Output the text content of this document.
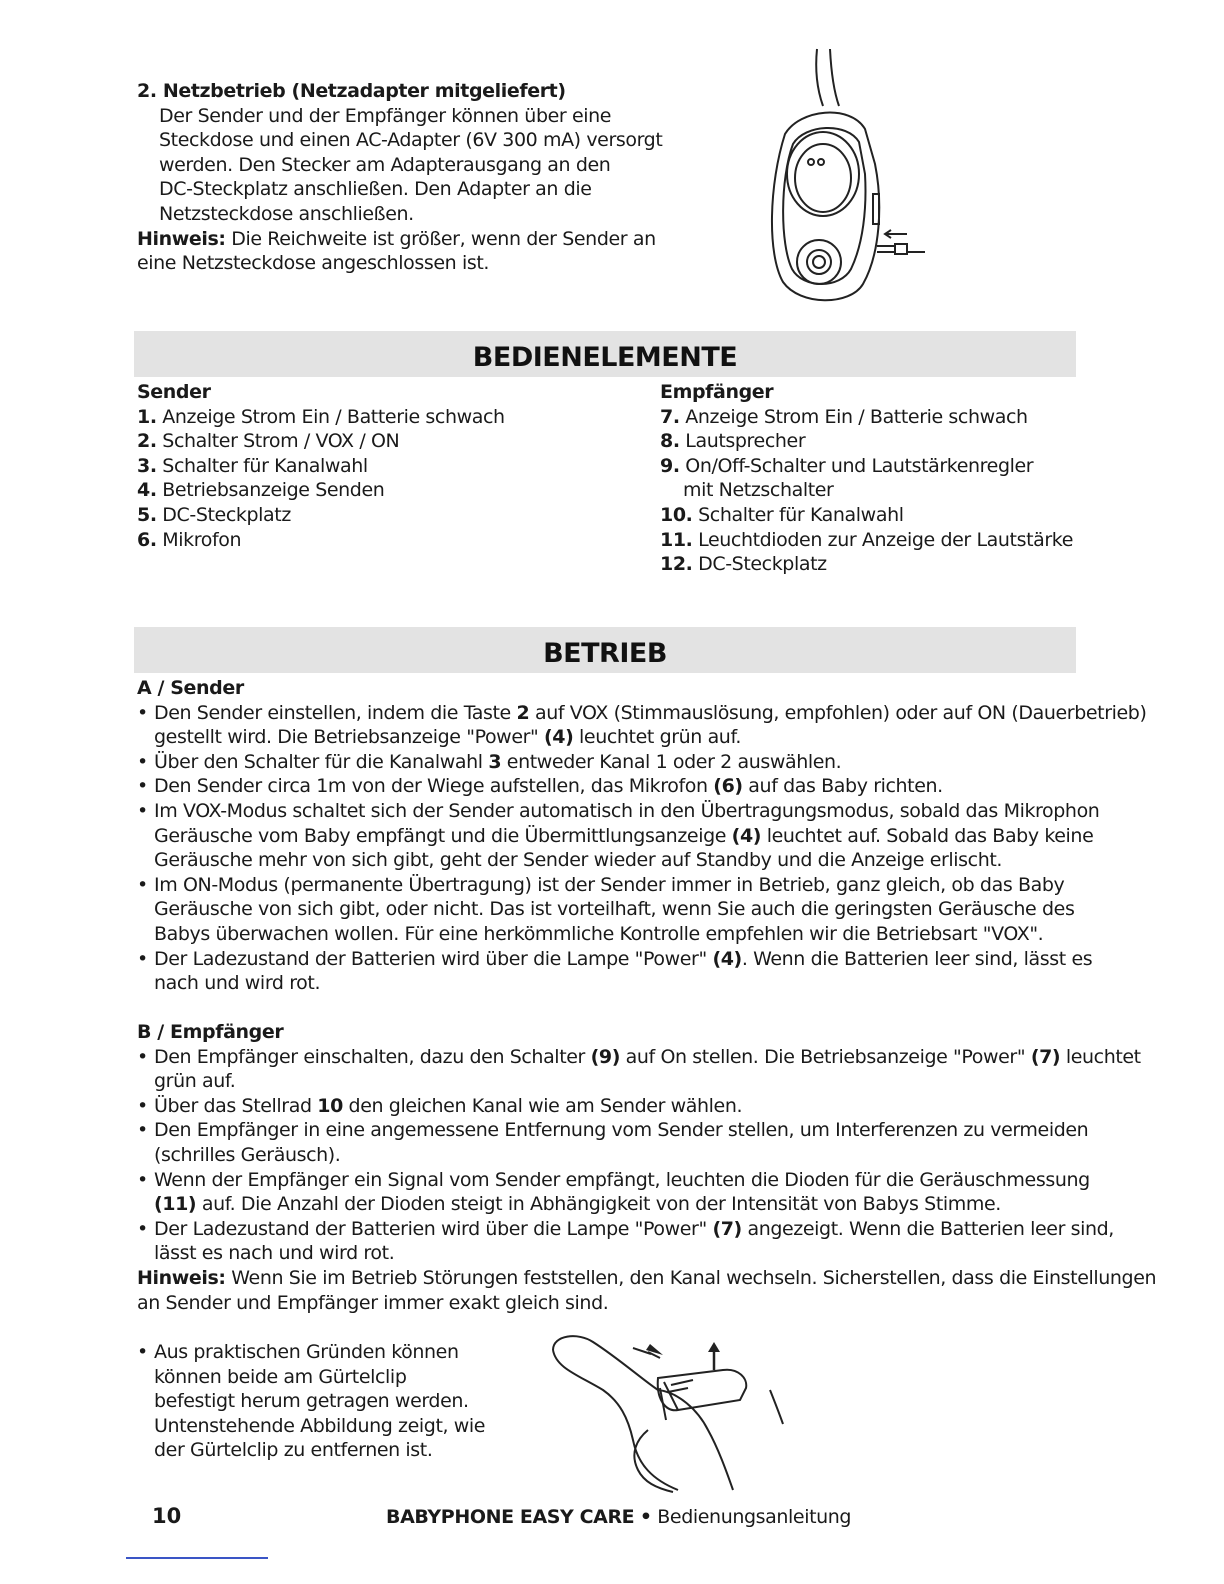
2. Netzbetrieb (Netzadapter mitgeliefert)
Der Sender und der Empfänger können über eine
Steckdose und einen AC-Adapter (6V 300 mA) versorgt
werden. Den Stecker am Adapterausgang an den
DC-Steckplatz anschließen. Den Adapter an die
Netzsteckdose anschließen.
Hinweis: Die Reichweite ist größer, wenn der Sender an
eine Netzsteckdose angeschlossen ist.
BEDIENELEMENTE
Sender
1. Anzeige Strom Ein / Batterie schwach
2. Schalter Strom / VOX / ON
3. Schalter für Kanalwahl
4. Betriebsanzeige Senden
5. DC-Steckplatz
6. Mikrofon
Empfänger
7. Anzeige Strom Ein / Batterie schwach
8. Lautsprecher
9. On/Off-Schalter und Lautstärkenregler
mit Netzschalter
10. Schalter für Kanalwahl
11. Leuchtdioden zur Anzeige der Lautstärke
12. DC-Steckplatz
BETRIEB
A / Sender
• Den Sender einstellen, indem die Taste 2 auf VOX (Stimmauslösung, empfohlen) oder auf ON (Dauerbetrieb)
gestellt wird. Die Betriebsanzeige "Power" (4) leuchtet grün auf.
• Über den Schalter für die Kanalwahl 3 entweder Kanal 1 oder 2 auswählen.
• Den Sender circa 1m von der Wiege aufstellen, das Mikrofon (6) auf das Baby richten.
• Im VOX-Modus schaltet sich der Sender automatisch in den Übertragungsmodus, sobald das Mikrophon
Geräusche vom Baby empfängt und die Übermittlungsanzeige (4) leuchtet auf. Sobald das Baby keine
Geräusche mehr von sich gibt, geht der Sender wieder auf Standby und die Anzeige erlischt.
• Im ON-Modus (permanente Übertragung) ist der Sender immer in Betrieb, ganz gleich, ob das Baby
Geräusche von sich gibt, oder nicht. Das ist vorteilhaft, wenn Sie auch die geringsten Geräusche des
Babys überwachen wollen. Für eine herkömmliche Kontrolle empfehlen wir die Betriebsart "VOX".
• Der Ladezustand der Batterien wird über die Lampe "Power" (4). Wenn die Batterien leer sind, lässt es
nach und wird rot.
B / Empfänger
• Den Empfänger einschalten, dazu den Schalter (9) auf On stellen. Die Betriebsanzeige "Power" (7) leuchtet
grün auf.
• Über das Stellrad 10 den gleichen Kanal wie am Sender wählen.
• Den Empfänger in eine angemessene Entfernung vom Sender stellen, um Interferenzen zu vermeiden
(schrilles Geräusch).
• Wenn der Empfänger ein Signal vom Sender empfängt, leuchten die Dioden für die Geräuschmessung
(11) auf. Die Anzahl der Dioden steigt in Abhängigkeit von der Intensität von Babys Stimme.
• Der Ladezustand der Batterien wird über die Lampe "Power" (7) angezeigt. Wenn die Batterien leer sind,
lässt es nach und wird rot.
Hinweis: Wenn Sie im Betrieb Störungen feststellen, den Kanal wechseln. Sicherstellen, dass die Einstellungen
an Sender und Empfänger immer exakt gleich sind.
• Aus praktischen Gründen können
können beide am Gürtelclip
befestigt herum getragen werden.
Untenstehende Abbildung zeigt, wie
der Gürtelclip zu entfernen ist.
10	BABYPHONE EASY CARE • Bedienungsanleitung
